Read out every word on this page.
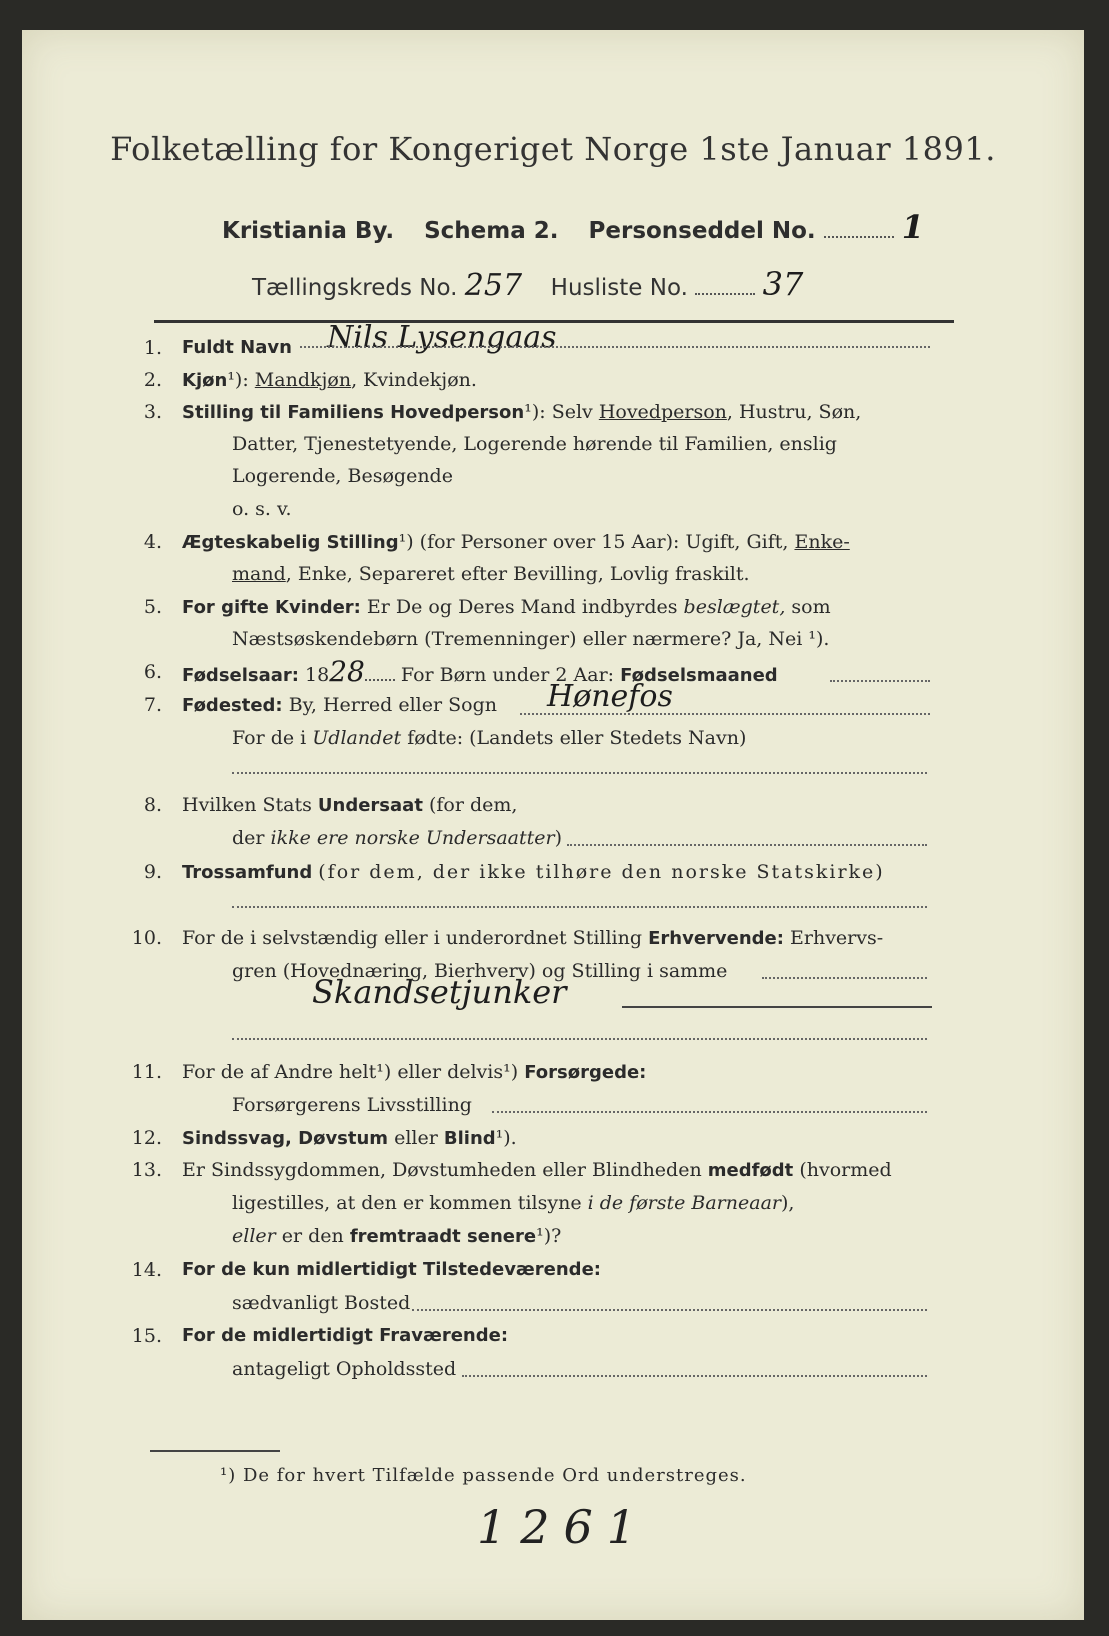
Folketælling for Kongeriget Norge 1ste Januar 1891.
Kristiania By. Schema 2. Personseddel No.	1
Tællingskreds No. 257 Husliste No. 37
1. Fuldt Navn Nils Lysengaas
2. Kjøn¹): Mandkjøn, Kvindekjøn.
3. Stilling til Familiens Hovedperson¹): Selv Hovedperson, Hustru, Søn,
Datter, Tjenestetyende, Logerende hørende til Familien, enslig
Logerende, Besøgende
o. s. v.
4. Ægteskabelig Stilling¹) (for Personer over 15 Aar): Ugift, Gift, Enke-
mand, Enke, Separeret efter Bevilling, Lovlig fraskilt.
5. For gifte Kvinder: Er De og Deres Mand indbyrdes beslægtet, som
Næstsøskendebørn (Tremenninger) eller nærmere? Ja, Nei ¹).
6. Fødselsaar: 1828 For Børn under 2 Aar: Fødselsmaaned
7. Fødested: By, Herred eller Sogn Hønefos
For de i Udlandet fødte: (Landets eller Stedets Navn)
8. Hvilken Stats Undersaat (for dem,
der ikke ere norske Undersaatter)
9. Trossamfund (for dem, der ikke tilhøre den norske Statskirke)
10. For de i selvstændig eller i underordnet Stilling Erhvervende: Erhvervs-
gren (Hovednæring, Bierhverv) og Stilling i samme
Skandsetjunker
11. For de af Andre helt¹) eller delvis¹) Forsørgede:
Forsørgerens Livsstilling
12. Sindssvag, Døvstum eller Blind¹).
13. Er Sindssygdommen, Døvstumheden eller Blindheden medfødt (hvormed
ligestilles, at den er kommen tilsyne i de første Barneaar),
eller er den fremtraadt senere¹)?
14. For de kun midlertidigt Tilstedeværende:
sædvanligt Bosted
15. For de midlertidigt Fraværende:
antageligt Opholdssted
¹) De for hvert Tilfælde passende Ord understreges.
1261
